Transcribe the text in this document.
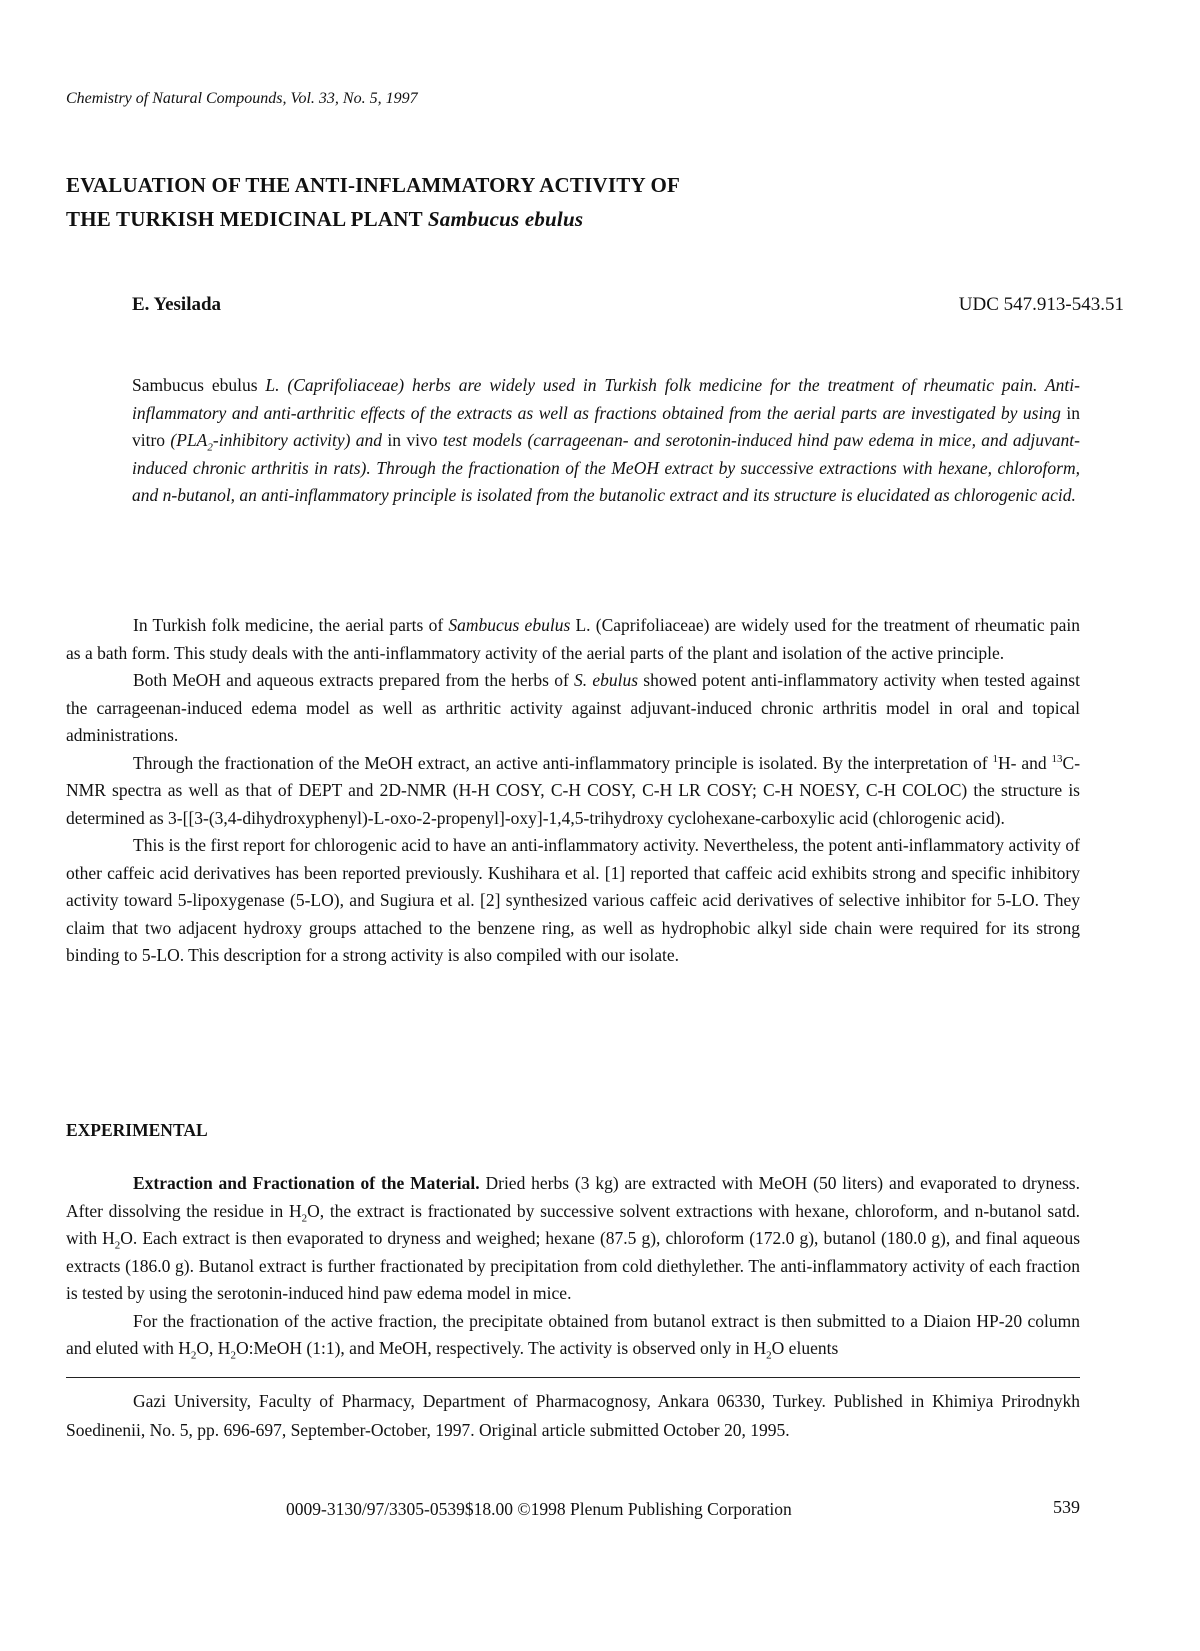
Chemistry of Natural Compounds, Vol. 33, No. 5, 1997
EVALUATION OF THE ANTI-INFLAMMATORY ACTIVITY OF
THE TURKISH MEDICINAL PLANT Sambucus ebulus
E. Yesilada	UDC 547.913-543.51
Sambucus ebulus L. (Caprifoliaceae) herbs are widely used in Turkish folk medicine for the treatment of rheumatic pain. Anti-inflammatory and anti-arthritic effects of the extracts as well as fractions obtained from the aerial parts are investigated by using in vitro ($PLA_2$-inhibitory activity) and in vivo test models (carrageenan- and serotonin-induced hind paw edema in mice, and adjuvant-induced chronic arthritis in rats). Through the fractionation of the MeOH extract by successive extractions with hexane, chloroform, and n-butanol, an anti-inflammatory principle is isolated from the butanolic extract and its structure is elucidated as chlorogenic acid.

In Turkish folk medicine, the aerial parts of Sambucus ebulus L. (Caprifoliaceae) are widely used for the treatment of rheumatic pain as a bath form. This study deals with the anti-inflammatory activity of the aerial parts of the plant and isolation of the active principle.

Both MeOH and aqueous extracts prepared from the herbs of S. ebulus showed potent anti-inflammatory activity when tested against the carrageenan-induced edema model as well as arthritic activity against adjuvant-induced chronic arthritis model in oral and topical administrations.

Through the fractionation of the MeOH extract, an active anti-inflammatory principle is isolated. By the interpretation of $^1$H- and $^{13}$C-NMR spectra as well as that of DEPT and 2D-NMR (H-H COSY, C-H COSY, C-H LR COSY; C-H NOESY, C-H COLOC) the structure is determined as 3-[[3-(3,4-dihydroxyphenyl)-L-oxo-2-propenyl]-oxy]-1,4,5-trihydroxy cyclohexane-carboxylic acid (chlorogenic acid).

This is the first report for chlorogenic acid to have an anti-inflammatory activity. Nevertheless, the potent anti-inflammatory activity of other caffeic acid derivatives has been reported previously. Kushihara et al. [1] reported that caffeic acid exhibits strong and specific inhibitory activity toward 5-lipoxygenase (5-LO), and Sugiura et al. [2] synthesized various caffeic acid derivatives of selective inhibitor for 5-LO. They claim that two adjacent hydroxy groups attached to the benzene ring, as well as hydrophobic alkyl side chain were required for its strong binding to 5-LO. This description for a strong activity is also compiled with our isolate.

EXPERIMENTAL

Extraction and Fractionation of the Material. Dried herbs (3 kg) are extracted with MeOH (50 liters) and evaporated to dryness. After dissolving the residue in $H_2O$, the extract is fractionated by successive solvent extractions with hexane, chloroform, and n-butanol satd. with $H_2O$. Each extract is then evaporated to dryness and weighed; hexane (87.5 g), chloroform (172.0 g), butanol (180.0 g), and final aqueous extracts (186.0 g). Butanol extract is further fractionated by precipitation from cold diethylether. The anti-inflammatory activity of each fraction is tested by using the serotonin-induced hind paw edema model in mice.

For the fractionation of the active fraction, the precipitate obtained from butanol extract is then submitted to a Diaion HP-20 column and eluted with $H_2O$, $H_2O:MeOH$ (1:1), and MeOH, respectively. The activity is observed only in $H_2O$ eluents

Gazi University, Faculty of Pharmacy, Department of Pharmacognosy, Ankara 06330, Turkey. Published in Khimiya Prirodnykh Soedinenii, No. 5, pp. 696-697, September-October, 1997. Original article submitted October 20, 1995.

0009-3130/97/3305-0539$18.00 ©1998 Plenum Publishing Corporation	539
